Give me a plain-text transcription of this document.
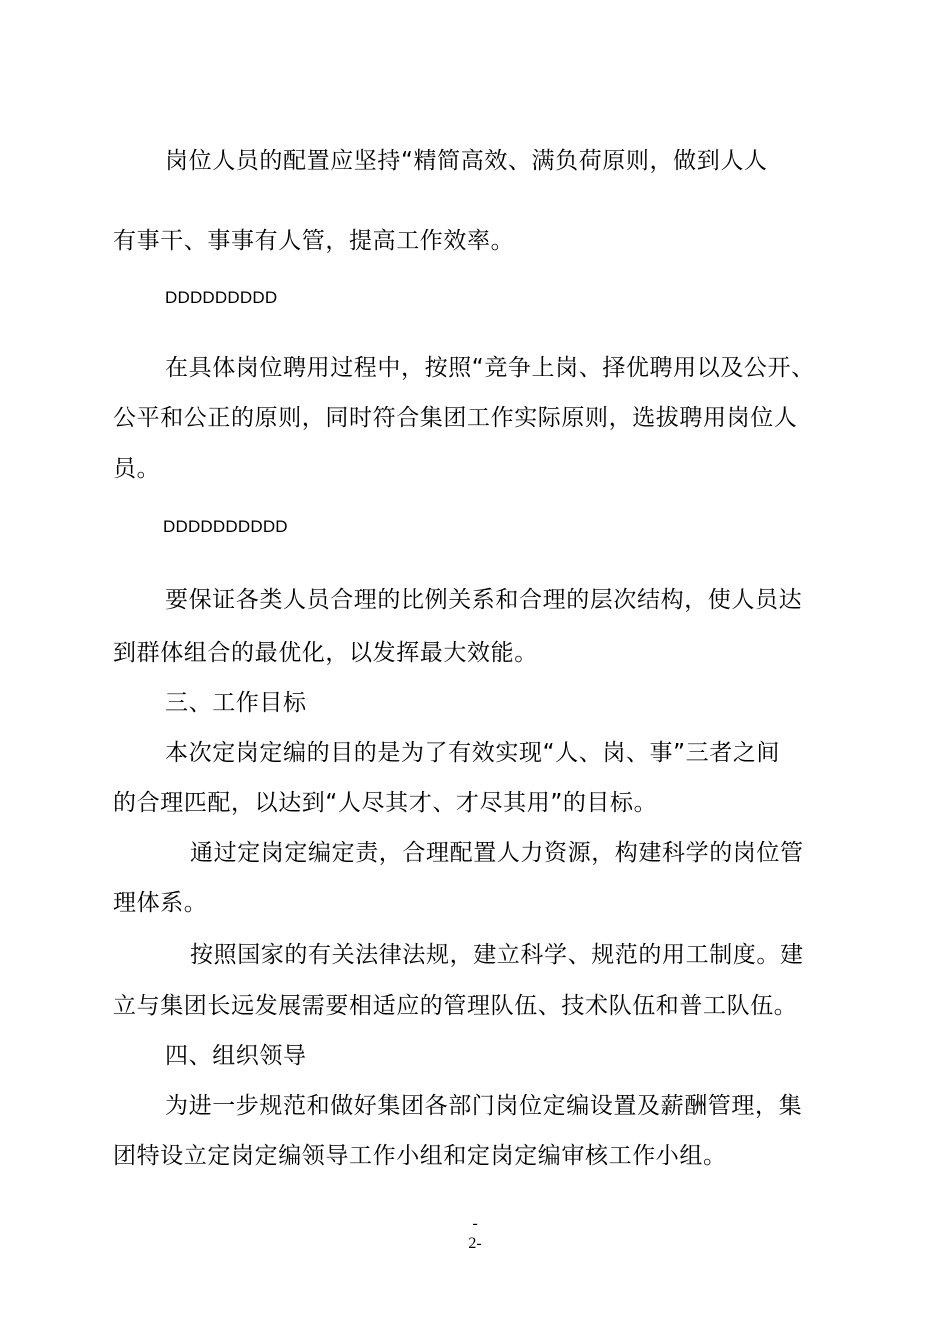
岗位人员的配置应坚持“精简高效、满负荷原则，做到人人
有事干、事事有人管，提高工作效率。
DDDDDDDDD
在具体岗位聘用过程中，按照“竞争上岗、择优聘用以及公开、
公平和公正的原则，同时符合集团工作实际原则，选拔聘用岗位人
员。
DDDDDDDDDD
要保证各类人员合理的比例关系和合理的层次结构，使人员达
到群体组合的最优化，以发挥最大效能。
三、工作目标
本次定岗定编的目的是为了有效实现“人、岗、事”三者之间
的合理匹配，以达到“人尽其才、才尽其用”的目标。
通过定岗定编定责，合理配置人力资源，构建科学的岗位管
理体系。
按照国家的有关法律法规，建立科学、规范的用工制度。建
立与集团长远发展需要相适应的管理队伍、技术队伍和普工队伍。
四、组织领导
为进一步规范和做好集团各部门岗位定编设置及薪酬管理，集
团特设立定岗定编领导工作小组和定岗定编审核工作小组。
-
2-
